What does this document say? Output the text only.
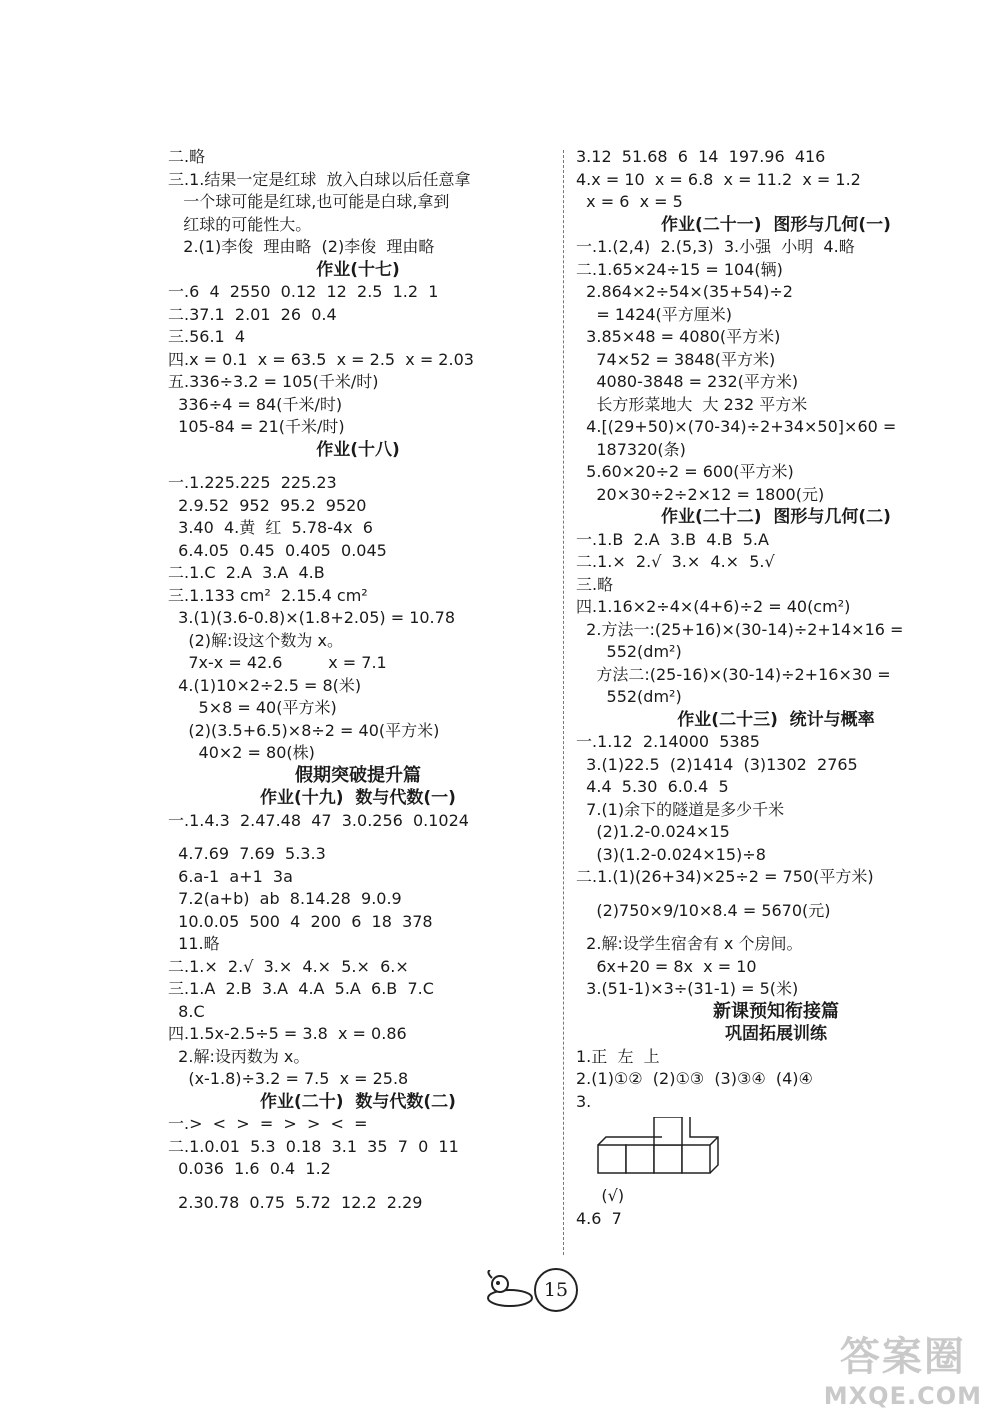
二.略
三.1.结果一定是红球  放入白球以后任意拿
一个球可能是红球,也可能是白球,拿到
红球的可能性大。
2.(1)李俊  理由略  (2)李俊  理由略
作业(十七)
一.6  4  2550  0.12  12  2.5  1.2  1
二.37.1  2.01  26  0.4
三.56.1  4
四.x = 0.1  x = 63.5  x = 2.5  x = 2.03
五.336÷3.2 = 105(千米/时)
336÷4 = 84(千米/时)
105-84 = 21(千米/时)
作业(十八)
一.1.225.225  225.23
2.9.52  952  95.2  9520
3.40  4.黄  红  5.78-4x  6
6.4.05  0.45  0.405  0.045
二.1.C  2.A  3.A  4.B
三.1.133 cm²  2.15.4 cm²
3.(1)(3.6-0.8)×(1.8+2.05) = 10.78
(2)解:设这个数为 x。
7x-x = 42.6         x = 7.1
4.(1)10×2÷2.5 = 8(米)
5×8 = 40(平方米)
(2)(3.5+6.5)×8÷2 = 40(平方米)
40×2 = 80(株)
假期突破提升篇
作业(十九)  数与代数(一)
一.1.4.3  2.47.48  47  3.0.256  0.1024
4.7.69  7.69  5.3.3
6.a-1  a+1  3a
7.2(a+b)  ab  8.14.28  9.0.9
10.0.05  500  4  200  6  18  378
11.略
二.1.×  2.√  3.×  4.×  5.×  6.×
三.1.A  2.B  3.A  4.A  5.A  6.B  7.C
8.C
四.1.5x-2.5÷5 = 3.8  x = 0.86
2.解:设丙数为 x。
(x-1.8)÷3.2 = 7.5  x = 25.8
作业(二十)  数与代数(二)
一.>  <  >  =  >  >  <  =
二.1.0.01  5.3  0.18  3.1  35  7  0  11
0.036  1.6  0.4  1.2
2.30.78  0.75  5.72  12.2  2.29
3.12  51.68  6  14  197.96  416
4.x = 10  x = 6.8  x = 11.2  x = 1.2
x = 6  x = 5
作业(二十一)  图形与几何(一)
一.1.(2,4)  2.(5,3)  3.小强  小明  4.略
二.1.65×24÷15 = 104(辆)
2.864×2÷54×(35+54)÷2
= 1424(平方厘米)
3.85×48 = 4080(平方米)
74×52 = 3848(平方米)
4080-3848 = 232(平方米)
长方形菜地大  大 232 平方米
4.[(29+50)×(70-34)÷2+34×50]×60 =
187320(条)
5.60×20÷2 = 600(平方米)
20×30÷2÷2×12 = 1800(元)
作业(二十二)  图形与几何(二)
一.1.B  2.A  3.B  4.B  5.A
二.1.×  2.√  3.×  4.×  5.√
三.略
四.1.16×2÷4×(4+6)÷2 = 40(cm²)
2.方法一:(25+16)×(30-14)÷2+14×16 =
552(dm²)
方法二:(25-16)×(30-14)÷2+16×30 =
552(dm²)
作业(二十三)  统计与概率
一.1.12  2.14000  5385
3.(1)22.5  (2)1414  (3)1302  2765
4.4  5.30  6.0.4  5
7.(1)余下的隧道是多少千米
(2)1.2-0.024×15
(3)(1.2-0.024×15)÷8
二.1.(1)(26+34)×25÷2 = 750(平方米)
(2)750×9/10×8.4 = 5670(元)
2.解:设学生宿舍有 x 个房间。
6x+20 = 8x  x = 10
3.(51-1)×3÷(31-1) = 5(米)
新课预知衔接篇
巩固拓展训练
1.正  左  上
2.(1)①②  (2)①③  (3)③④  (4)④
3.
(√)
4.6  7
15
答案圈
MXQE.COM
